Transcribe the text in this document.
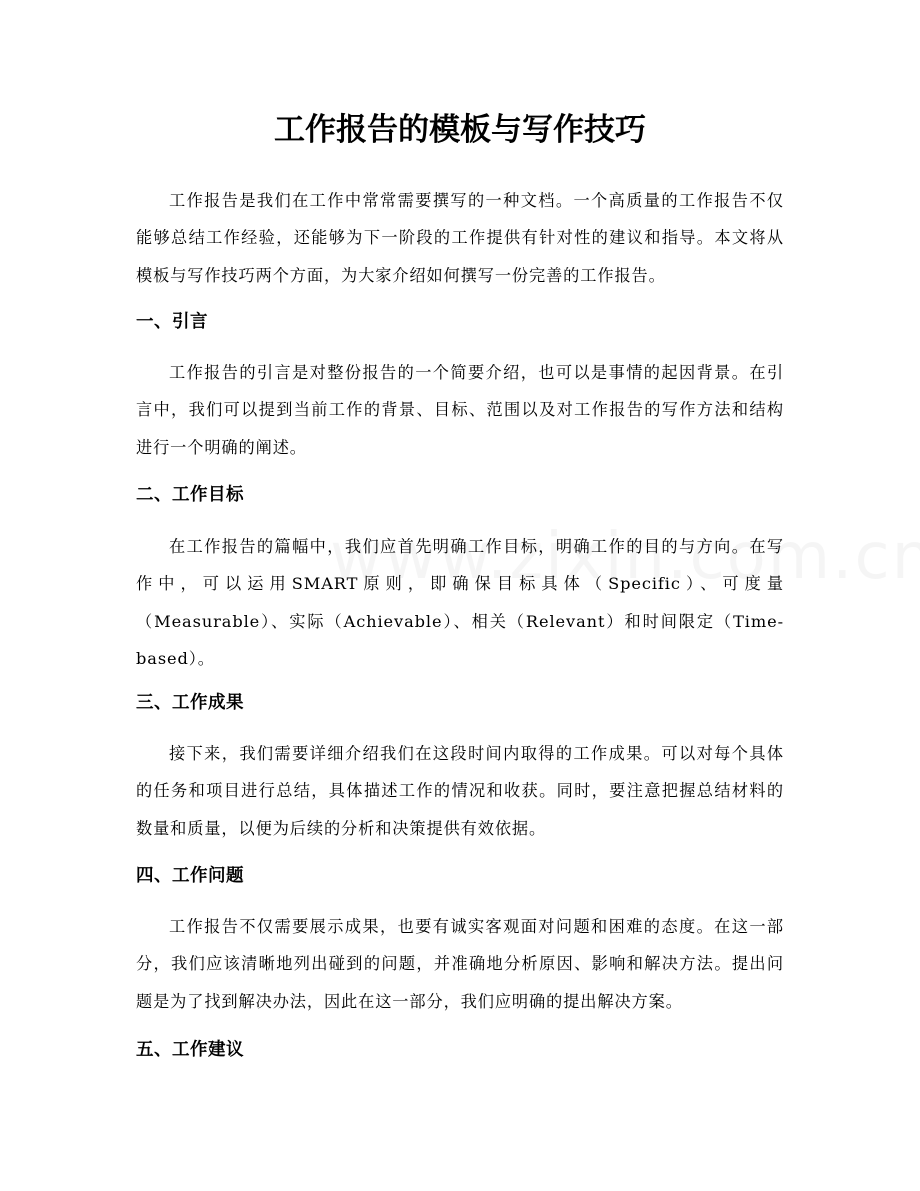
工作报告的模板与写作技巧

工作报告是我们在工作中常常需要撰写的一种文档。一个高质量的工作报告不仅能够总结工作经验，还能够为下一阶段的工作提供有针对性的建议和指导。本文将从模板与写作技巧两个方面，为大家介绍如何撰写一份完善的工作报告。

一、引言

工作报告的引言是对整份报告的一个简要介绍，也可以是事情的起因背景。在引言中，我们可以提到当前工作的背景、目标、范围以及对工作报告的写作方法和结构进行一个明确的阐述。

二、工作目标

在工作报告的篇幅中，我们应首先明确工作目标，明确工作的目的与方向。在写作中，可以运用SMART原则，即确保目标具体（Specific）、可度量（Measurable）、实际（Achievable）、相关（Relevant）和时间限定（Time-based）。

三、工作成果

接下来，我们需要详细介绍我们在这段时间内取得的工作成果。可以对每个具体的任务和项目进行总结，具体描述工作的情况和收获。同时，要注意把握总结材料的数量和质量，以便为后续的分析和决策提供有效依据。

四、工作问题

工作报告不仅需要展示成果，也要有诚实客观面对问题和困难的态度。在这一部分，我们应该清晰地列出碰到的问题，并准确地分析原因、影响和解决方法。提出问题是为了找到解决办法，因此在这一部分，我们应明确的提出解决方案。

五、工作建议
